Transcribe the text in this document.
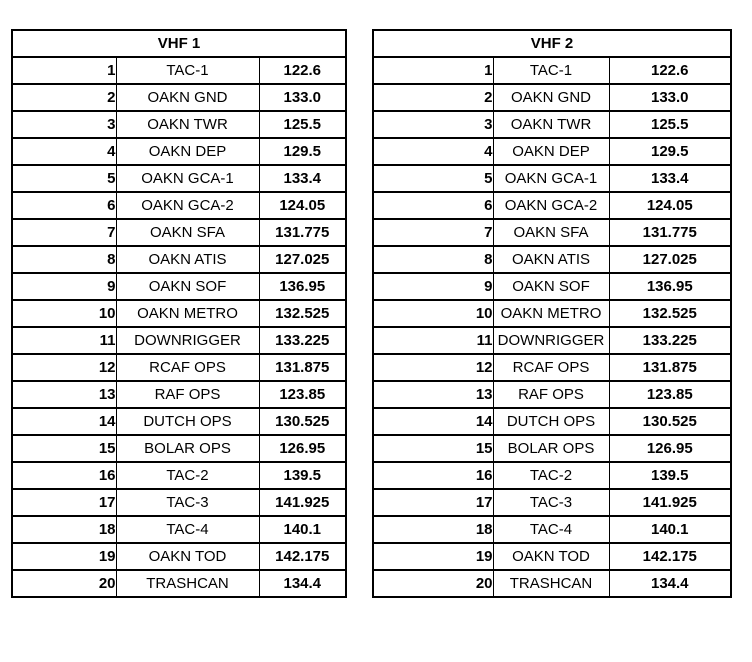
VHF 1		
1	TAC-1	122.6
2	OAKN GND	133.0
3	OAKN TWR	125.5
4	OAKN DEP	129.5
5	OAKN GCA-1	133.4
6	OAKN GCA-2	124.05
7	OAKN SFA	131.775
8	OAKN ATIS	127.025
9	OAKN SOF	136.95
10	OAKN METRO	132.525
11	DOWNRIGGER	133.225
12	RCAF OPS	131.875
13	RAF OPS	123.85
14	DUTCH OPS	130.525
15	BOLAR OPS	126.95
16	TAC-2	139.5
17	TAC-3	141.925
18	TAC-4	140.1
19	OAKN TOD	142.175
20	TRASHCAN	134.4
VHF 2		
1	TAC-1	122.6
2	OAKN GND	133.0
3	OAKN TWR	125.5
4	OAKN DEP	129.5
5	OAKN GCA-1	133.4
6	OAKN GCA-2	124.05
7	OAKN SFA	131.775
8	OAKN ATIS	127.025
9	OAKN SOF	136.95
10	OAKN METRO	132.525
11	DOWNRIGGER	133.225
12	RCAF OPS	131.875
13	RAF OPS	123.85
14	DUTCH OPS	130.525
15	BOLAR OPS	126.95
16	TAC-2	139.5
17	TAC-3	141.925
18	TAC-4	140.1
19	OAKN TOD	142.175
20	TRASHCAN	134.4
